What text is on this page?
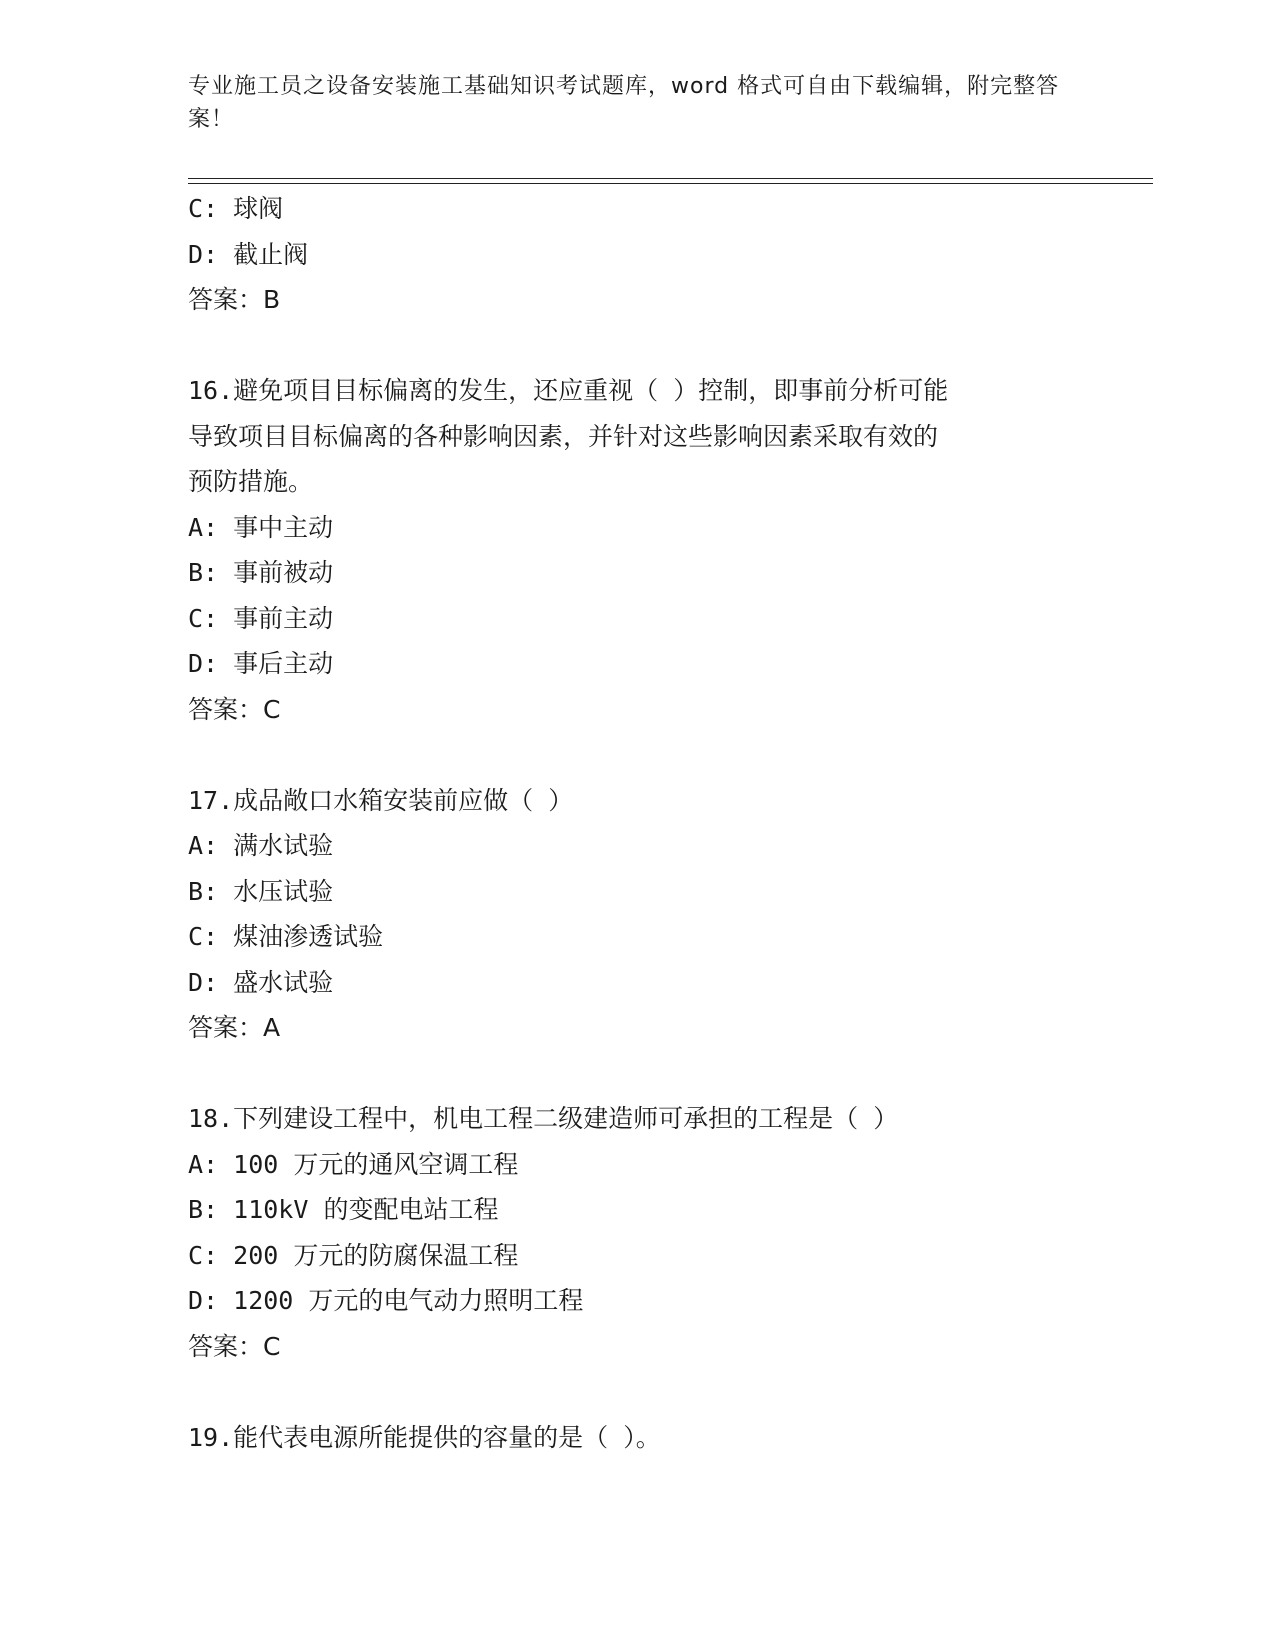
专业施工员之设备安装施工基础知识考试题库，word 格式可自由下载编辑，附完整答案！
C: 球阀
D: 截止阀
答案：B
16.避免项目目标偏离的发生，还应重视（ ）控制，即事前分析可能
导致项目目标偏离的各种影响因素，并针对这些影响因素采取有效的
预防措施。
A: 事中主动
B: 事前被动
C: 事前主动
D: 事后主动
答案：C
17.成品敞口水箱安装前应做（ ）
A: 满水试验
B: 水压试验
C: 煤油渗透试验
D: 盛水试验
答案：A
18.下列建设工程中，机电工程二级建造师可承担的工程是（ ）
A: 100 万元的通风空调工程
B: 110kV 的变配电站工程
C: 200 万元的防腐保温工程
D: 1200 万元的电气动力照明工程
答案：C
19.能代表电源所能提供的容量的是（ ）。
